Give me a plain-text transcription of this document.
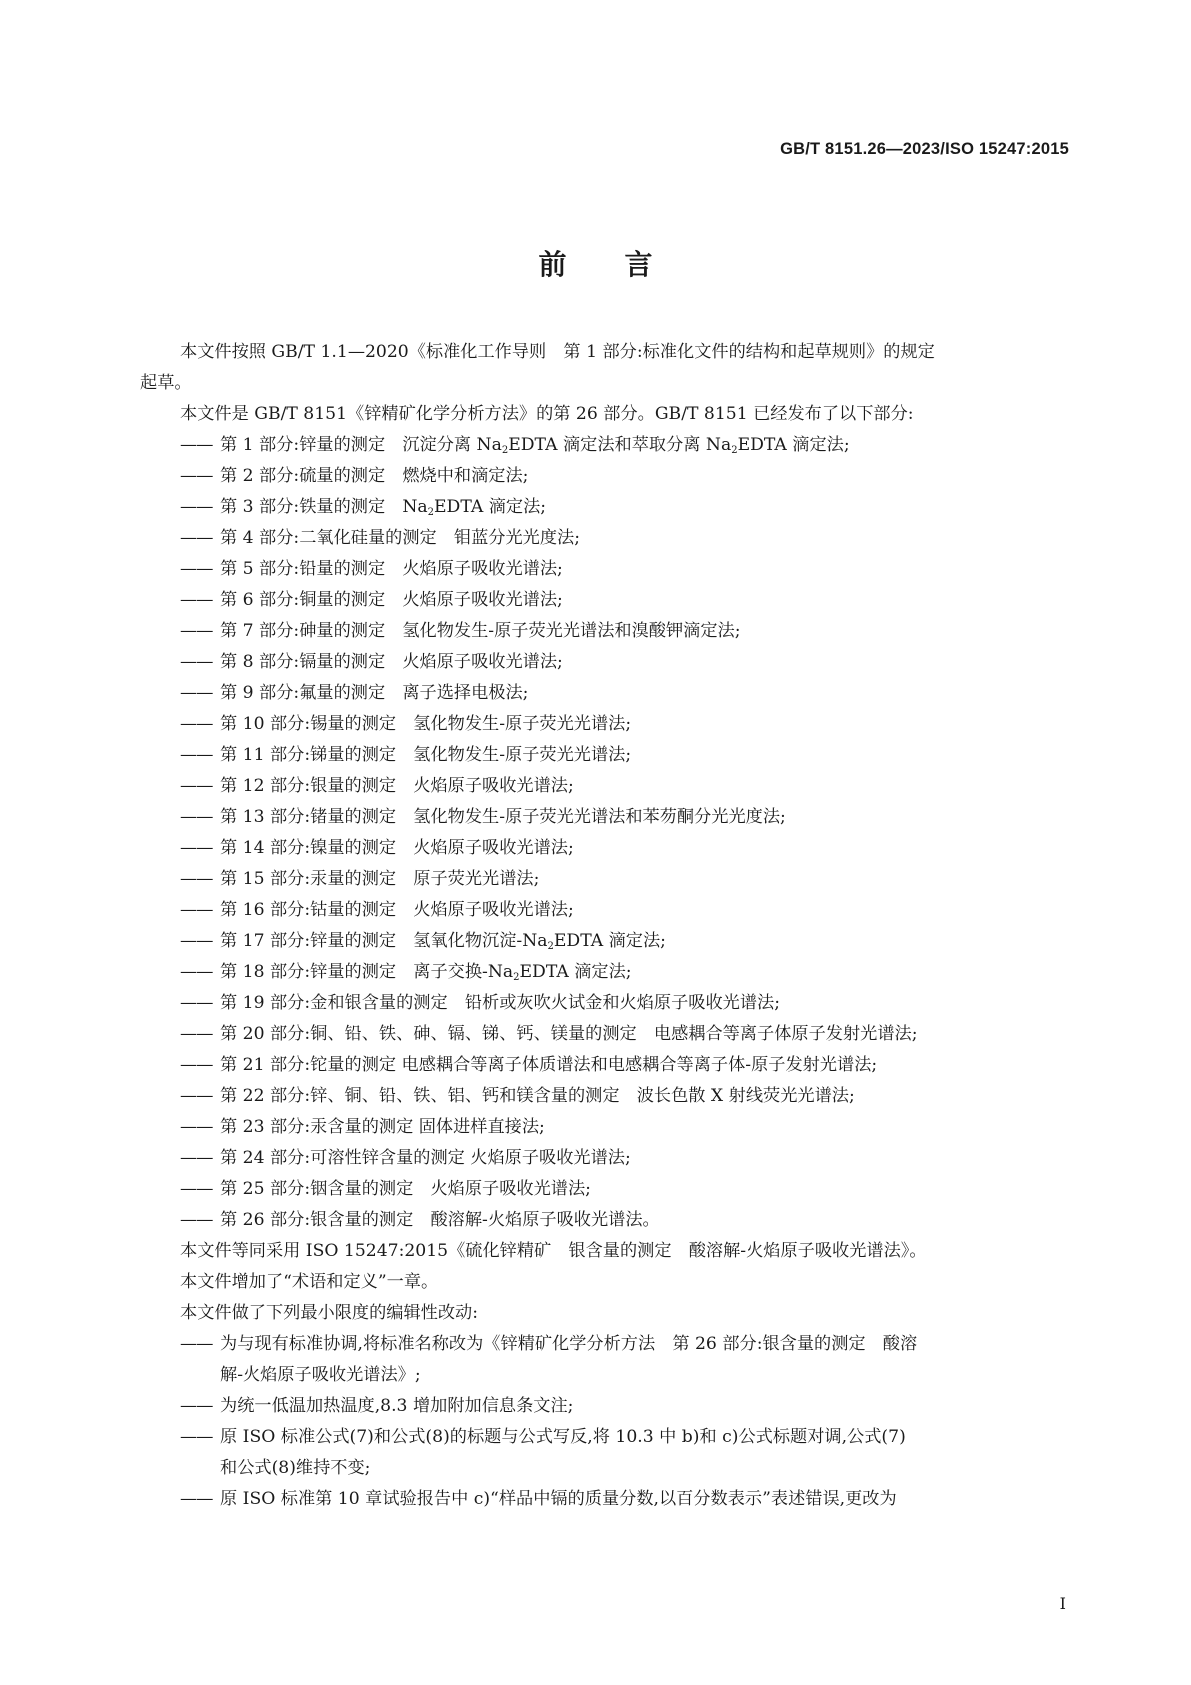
GB/T 8151.26—2023/ISO 15247:2015
前言
本文件按照 GB/T 1.1—2020《标准化工作导则　第 1 部分:标准化文件的结构和起草规则》的规定
起草。
本文件是 GB/T 8151《锌精矿化学分析方法》的第 26 部分。GB/T 8151 已经发布了以下部分:
—— 第 1 部分:锌量的测定　沉淀分离 $Na_2EDTA$ 滴定法和萃取分离 $Na_2EDTA$ 滴定法;
—— 第 2 部分:硫量的测定　燃烧中和滴定法;
—— 第 3 部分:铁量的测定　$Na_2EDTA$ 滴定法;
—— 第 4 部分:二氧化硅量的测定　钼蓝分光光度法;
—— 第 5 部分:铅量的测定　火焰原子吸收光谱法;
—— 第 6 部分:铜量的测定　火焰原子吸收光谱法;
—— 第 7 部分:砷量的测定　氢化物发生-原子荧光光谱法和溴酸钾滴定法;
—— 第 8 部分:镉量的测定　火焰原子吸收光谱法;
—— 第 9 部分:氟量的测定　离子选择电极法;
—— 第 10 部分:锡量的测定　氢化物发生-原子荧光光谱法;
—— 第 11 部分:锑量的测定　氢化物发生-原子荧光光谱法;
—— 第 12 部分:银量的测定　火焰原子吸收光谱法;
—— 第 13 部分:锗量的测定　氢化物发生-原子荧光光谱法和苯芴酮分光光度法;
—— 第 14 部分:镍量的测定　火焰原子吸收光谱法;
—— 第 15 部分:汞量的测定　原子荧光光谱法;
—— 第 16 部分:钴量的测定　火焰原子吸收光谱法;
—— 第 17 部分:锌量的测定　氢氧化物沉淀$-Na_2EDTA$ 滴定法;
—— 第 18 部分:锌量的测定　离子交换$-Na_2EDTA$ 滴定法;
—— 第 19 部分:金和银含量的测定　铅析或灰吹火试金和火焰原子吸收光谱法;
—— 第 20 部分:铜、铅、铁、砷、镉、锑、钙、镁量的测定　电感耦合等离子体原子发射光谱法;
—— 第 21 部分:铊量的测定 电感耦合等离子体质谱法和电感耦合等离子体-原子发射光谱法;
—— 第 22 部分:锌、铜、铅、铁、铝、钙和镁含量的测定　波长色散 X 射线荧光光谱法;
—— 第 23 部分:汞含量的测定 固体进样直接法;
—— 第 24 部分:可溶性锌含量的测定 火焰原子吸收光谱法;
—— 第 25 部分:铟含量的测定　火焰原子吸收光谱法;
—— 第 26 部分:银含量的测定　酸溶解-火焰原子吸收光谱法。
本文件等同采用 ISO 15247:2015《硫化锌精矿　银含量的测定　酸溶解-火焰原子吸收光谱法》。
本文件增加了“术语和定义”一章。
本文件做了下列最小限度的编辑性改动:
—— 为与现有标准协调,将标准名称改为《锌精矿化学分析方法　第 26 部分:银含量的测定　酸溶
解-火焰原子吸收光谱法》;
—— 为统一低温加热温度,8.3 增加附加信息条文注;
—— 原 ISO 标准公式(7)和公式(8)的标题与公式写反,将 10.3 中 b)和 c)公式标题对调,公式(7)
和公式(8)维持不变;
—— 原 ISO 标准第 10 章试验报告中 c)“样品中镉的质量分数,以百分数表示”表述错误,更改为
I
